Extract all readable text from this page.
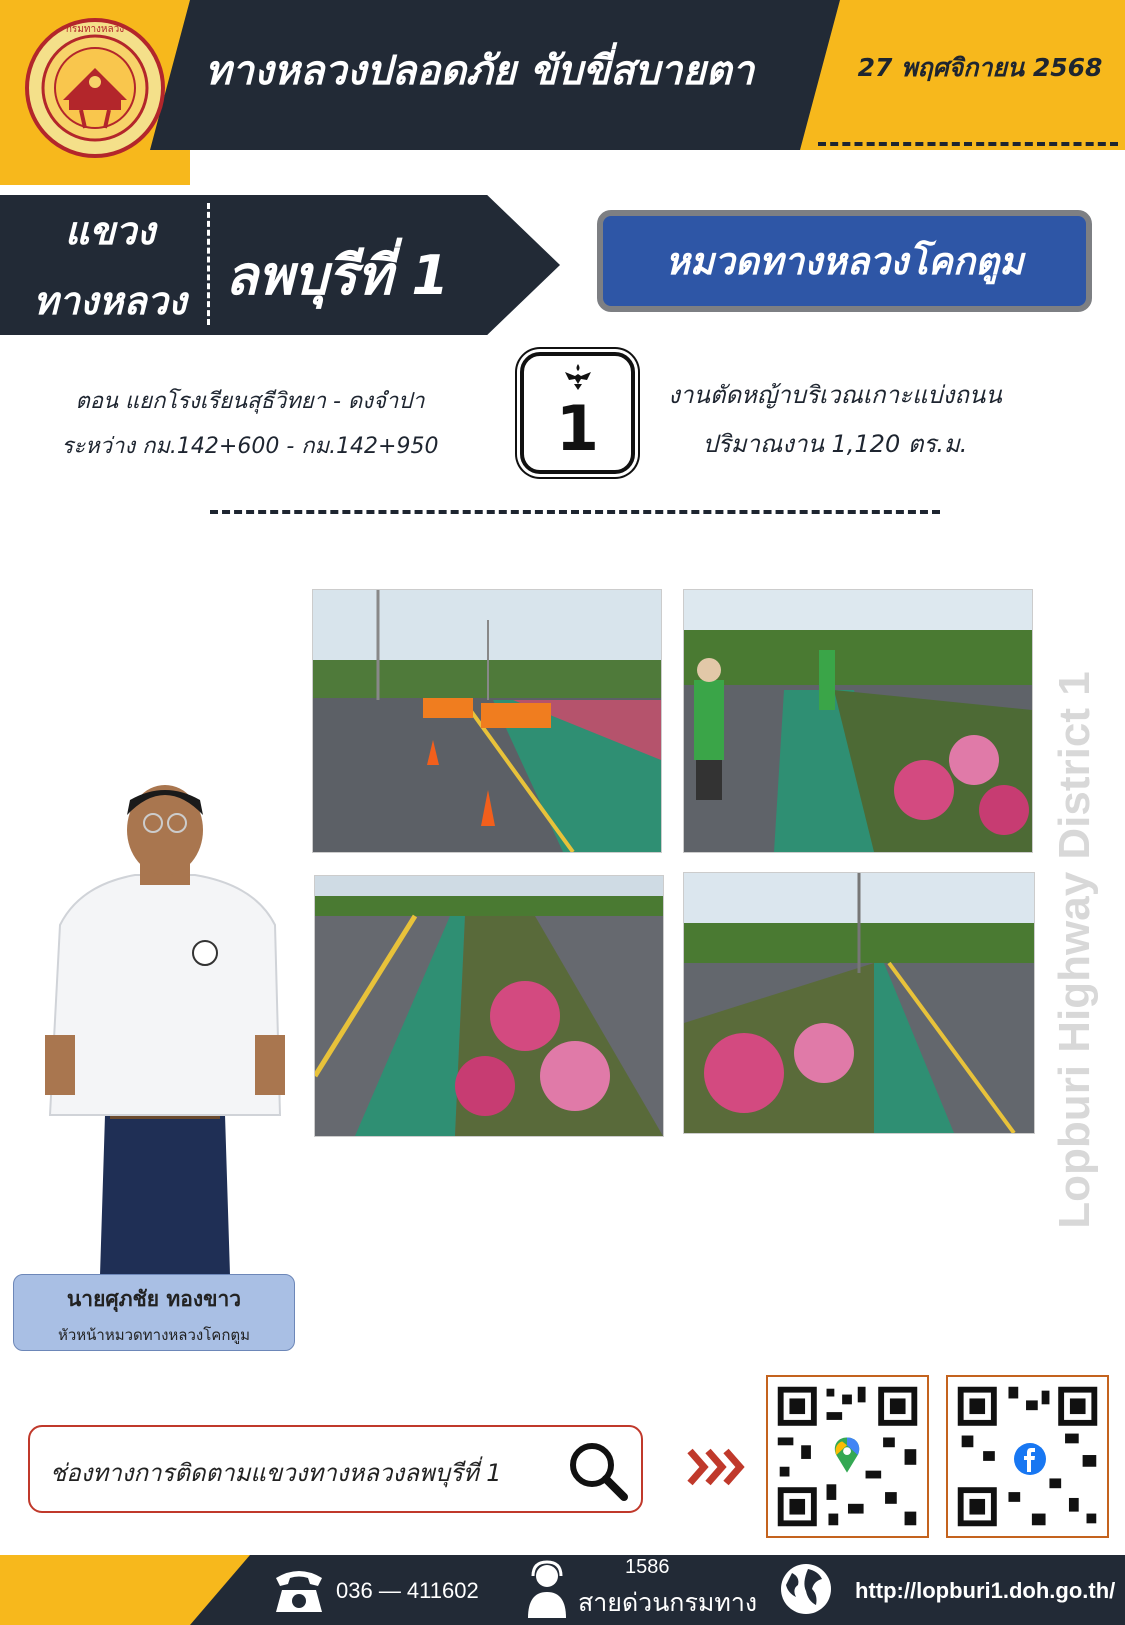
กรมทางหลวง
ทางหลวงปลอดภัย ขับขี่สบายตา	27 พฤศจิกายน 2568
แขวง
ทางหลวง ลพบุรีที่ 1	หมวดทางหลวงโคกตูม
ตอน แยกโรงเรียนสุธีวิทยา - ดงจำปา
ระหว่าง กม.142+600 - กม.142+950	1	งานตัดหญ้าบริเวณเกาะแบ่งถนน
ปริมาณงาน 1,120 ตร.ม.
Lopburi Highway District 1
นายศุภชัย ทองขาว
หัวหน้าหมวดทางหลวงโคกตูม
ช่องทางการติดตามแขวงทางหลวงลพบุรีที่ 1
036 — 411602
1586
สายด่วนกรมทาง	http://lopburi1.doh.go.th/
